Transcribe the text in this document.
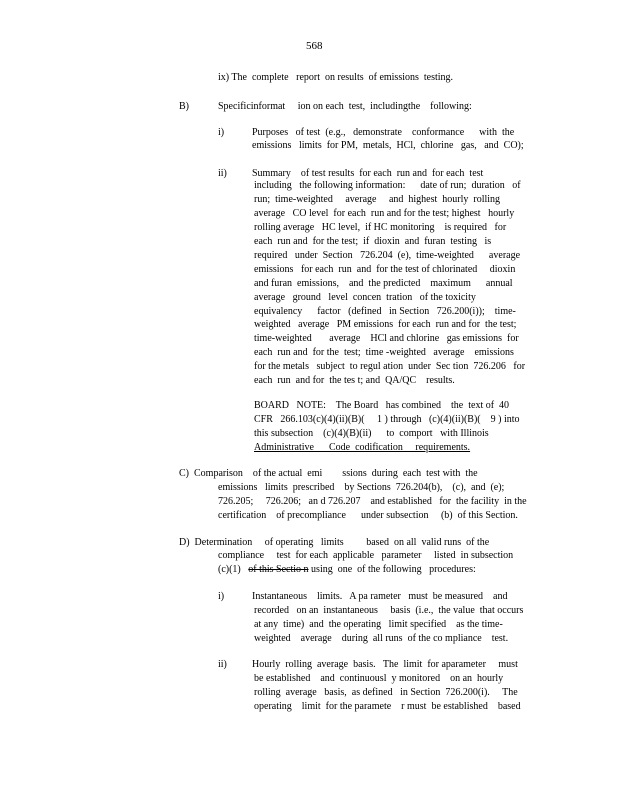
568
ix) The  complete   report  on results  of emissions  testing.
B)	Specificinformat     ion on each  test,  includingthe    following:
i)	Purposes   of test  (e.g.,   demonstrate    conformance      with  the
emissions   limits  for PM,  metals,  HCl,  chlorine   gas,   and  CO);
ii)	Summary    of test results  for each  run and  for each  test
including   the following information:      date of run;  duration   of
run;  time-weighted     average     and  highest  hourly  rolling
average   CO level  for each  run and for the test; highest   hourly
rolling average   HC level,  if HC monitoring    is required   for
each  run and  for the test;  if  dioxin  and  furan  testing   is
required   under  Section   726.204  (e),  time-weighted      average
emissions   for each  run  and  for the test of chlorinated     dioxin
and furan  emissions,    and  the predicted    maximum      annual
average   ground   level  concen  tration   of the toxicity
equivalency      factor   (defined   in Section   726.200(i));    time-
weighted   average   PM emissions  for each  run and for  the test;
time-weighted       average    HCl and chlorine   gas emissions  for
each  run and  for the  test;  time -weighted   average    emissions
for the metals   subject  to regul ation  under  Sec tion  726.206   for
each  run  and for  the tes t; and  QA/QC    results.
BOARD   NOTE:    The Board   has combined    the  text of  40
CFR   266.103(c)(4)(ii)(B)(     1 ) through   (c)(4)(ii)(B)(    9 ) into
this subsection    (c)(4)(B)(ii)      to  comport   with Illinois
Administrative      Code  codification     requirements.
C)  Comparison    of the actual  emi        ssions  during  each  test with  the
emissions   limits  prescribed    by Sections  726.204(b),    (c),  and  (e);
726.205;     726.206;   an d 726.207    and established   for  the facility  in the
certification    of precompliance      under subsection     (b)  of this Section.
D)  Determination     of operating   limits         based  on all  valid runs  of the
compliance     test  for each  applicable   parameter     listed  in subsection
(c)(1)   of this Sectio n using  one  of the following   procedures:
i)	Instantaneous    limits.   A pa rameter   must  be measured    and
recorded   on an  instantaneous     basis  (i.e.,  the value  that occurs
at any  time)  and  the operating   limit specified    as the time-
weighted    average    during  all runs  of the co mpliance    test.
ii)	Hourly  rolling  average  basis.   The  limit  for aparameter     must
be established    and  continuousl  y monitored    on an  hourly
rolling  average   basis,  as defined   in Section  726.200(i).     The
operating    limit  for the paramete    r must  be established    based
